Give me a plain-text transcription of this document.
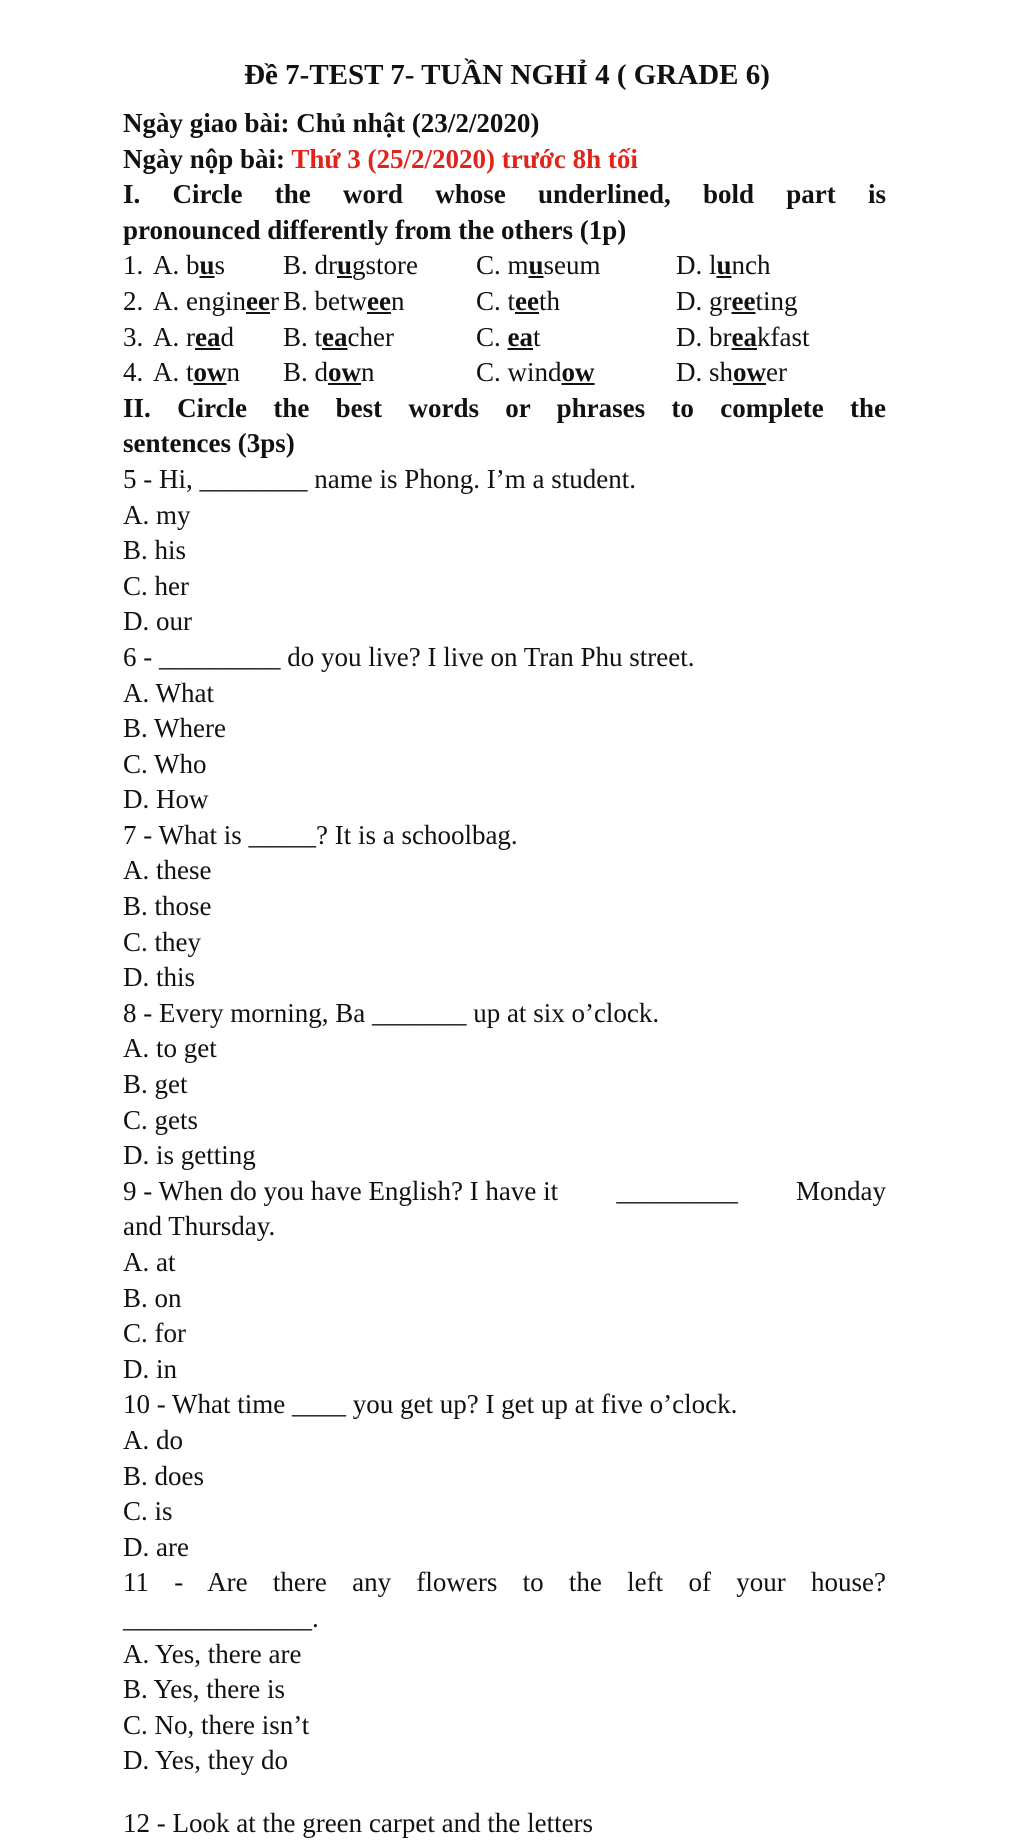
Đề 7-TEST 7- TUẦN NGHỈ 4 ( GRADE 6)
Ngày giao bài: Chủ nhật (23/2/2020)
Ngày nộp bài: Thứ 3 (25/2/2020) trước 8h tối
I. Circle the word whose underlined, bold part is
pronounced differently from the others (1p)
1. A. bus	B. drugstore	C. museum	D. lunch
2. A. engineer B. between	C. teeth	D. greeting
3. A. read	B. teacher	C. eat	D. breakfast
4. A. town	B. down	C. window	D. shower
II. Circle the best words or phrases to complete the
sentences (3ps)
5 - Hi, ________ name is Phong. I’m a student.
A. my
B. his
C. her
D. our
6 - _________ do you live? I live on Tran Phu street.
A. What
B. Where
C. Who
D. How
7 - What is _____? It is a schoolbag.
A. these
B. those
C. they
D. this
8 - Every morning, Ba _______ up at six o’clock.
A. to get
B. get
C. gets
D. is getting
9 - When do you have English? I have it _________ Monday
and Thursday.
A. at
B. on
C. for
D. in
10 - What time ____ you get up? I get up at five o’clock.
A. do
B. does
C. is
D. are
11 - Are there any flowers to the left of your house?
______________.
A. Yes, there are
B. Yes, there is
C. No, there isn’t
D. Yes, they do
12 - Look at the green carpet and the letters
